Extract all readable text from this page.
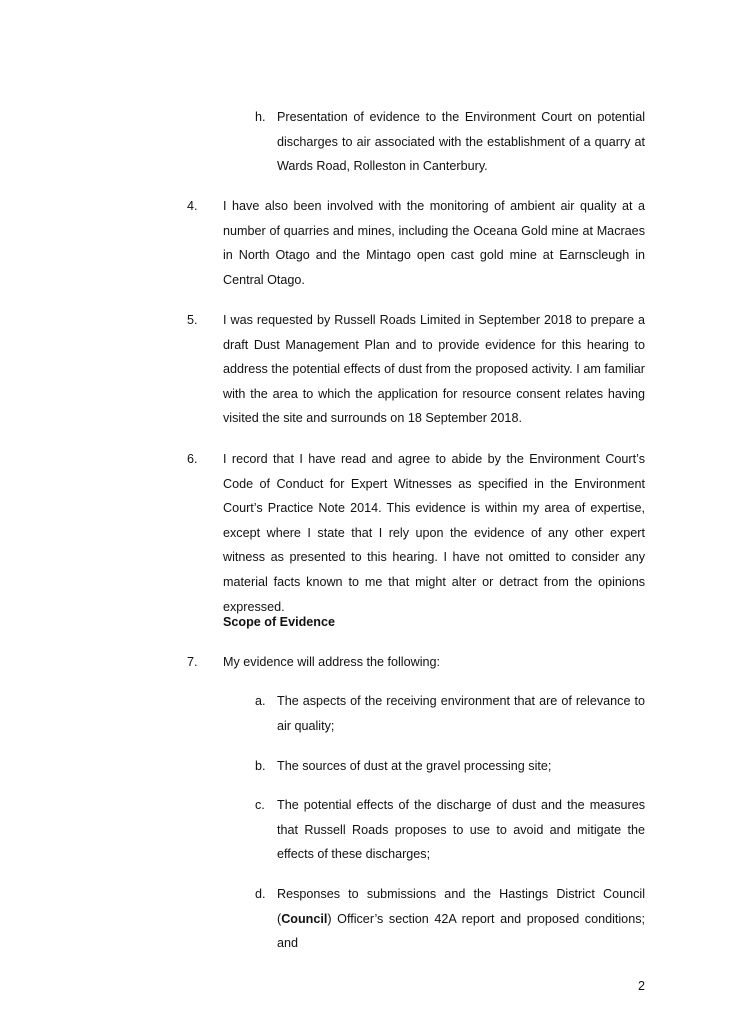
h. Presentation of evidence to the Environment Court on potential discharges to air associated with the establishment of a quarry at Wards Road, Rolleston in Canterbury.

4. I have also been involved with the monitoring of ambient air quality at a number of quarries and mines, including the Oceana Gold mine at Macraes in North Otago and the Mintago open cast gold mine at Earnscleugh in Central Otago.

5. I was requested by Russell Roads Limited in September 2018 to prepare a draft Dust Management Plan and to provide evidence for this hearing to address the potential effects of dust from the proposed activity. I am familiar with the area to which the application for resource consent relates having visited the site and surrounds on 18 September 2018.

6. I record that I have read and agree to abide by the Environment Court’s Code of Conduct for Expert Witnesses as specified in the Environment Court’s Practice Note 2014. This evidence is within my area of expertise, except where I state that I rely upon the evidence of any other expert witness as presented to this hearing. I have not omitted to consider any material facts known to me that might alter or detract from the opinions expressed.

Scope of Evidence

7. My evidence will address the following:

a. The aspects of the receiving environment that are of relevance to air quality;

b. The sources of dust at the gravel processing site;

c. The potential effects of the discharge of dust and the measures that Russell Roads proposes to use to avoid and mitigate the effects of these discharges;

d. Responses to submissions and the Hastings District Council (Council) Officer’s section 42A report and proposed conditions; and

2
